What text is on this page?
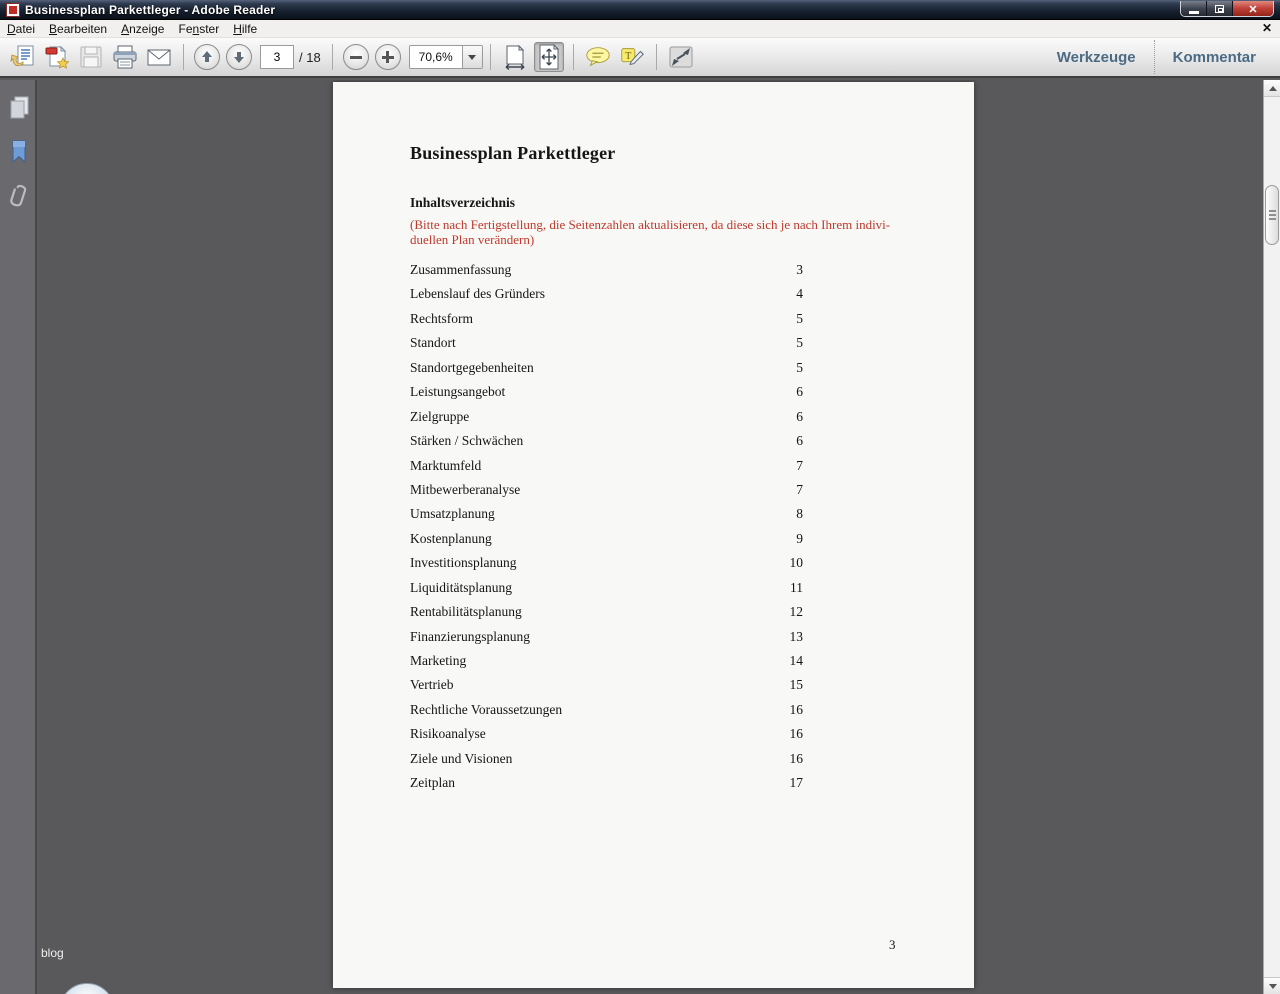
Businessplan Parkettleger - Adobe Reader	✕
Datei	Bearbeiten	Anzeige	Fenster	Hilfe	✕
3
/ 18	70,6%	T	Werkzeuge	Kommentar
Businessplan Parkettleger
Inhaltsverzeichnis
(Bitte nach Fertigstellung, die Seitenzahlen aktualisieren, da diese sich je nach Ihrem indivi-
duellen Plan verändern)
Zusammenfassung	3
Lebenslauf des Gründers	4
Rechtsform	5
Standort	5
Standortgegebenheiten	5
Leistungsangebot	6
Zielgruppe	6
Stärken / Schwächen	6
Marktumfeld	7
Mitbewerberanalyse	7
Umsatzplanung	8
Kostenplanung	9
Investitionsplanung	10
Liquiditätsplanung	11
Rentabilitätsplanung	12
Finanzierungsplanung	13
Marketing	14
Vertrieb	15
Rechtliche Voraussetzungen	16
Risikoanalyse	16
Ziele und Visionen	16
Zeitplan	17
3
blog
